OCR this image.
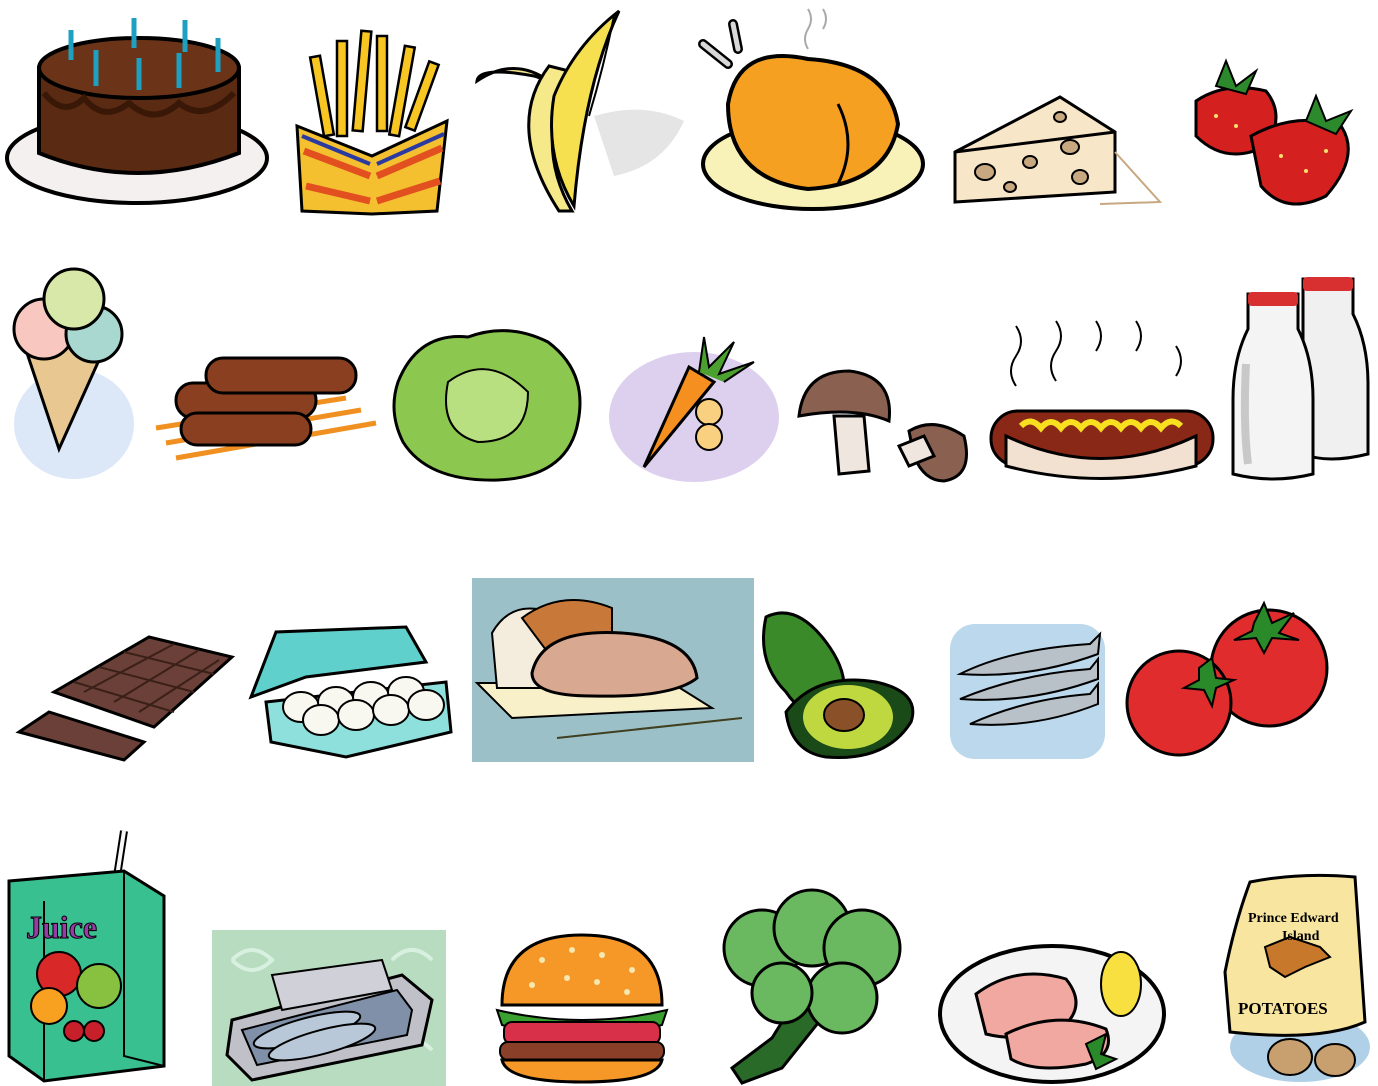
Juice	Prince Edward
Island
POTATOES
